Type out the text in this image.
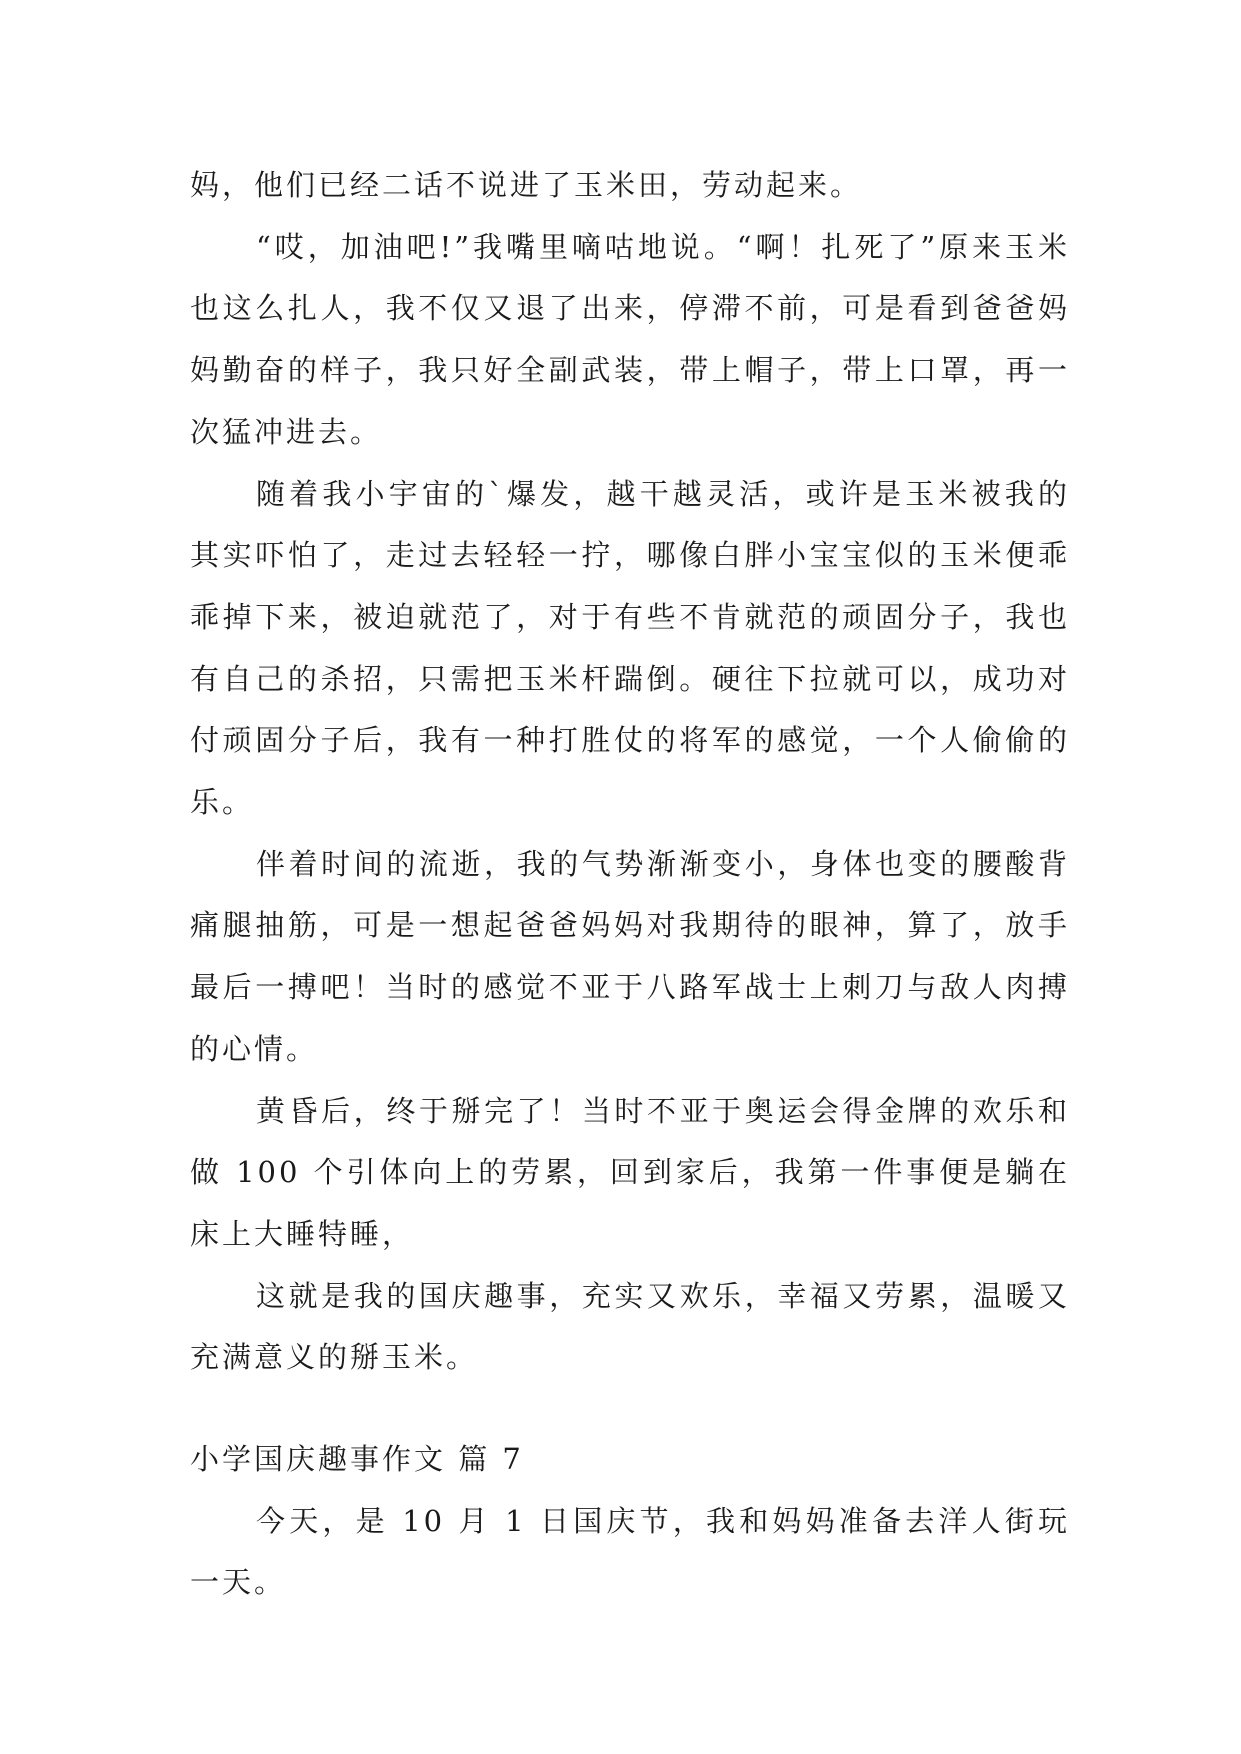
妈，他们已经二话不说进了玉米田，劳动起来。

“哎，加油吧!”我嘴里嘀咕地说。“啊！扎死了”原来玉米也这么扎人，我不仅又退了出来，停滞不前，可是看到爸爸妈妈勤奋的样子，我只好全副武装，带上帽子，带上口罩，再一次猛冲进去。

随着我小宇宙的`爆发，越干越灵活，或许是玉米被我的其实吓怕了，走过去轻轻一拧，哪像白胖小宝宝似的玉米便乖乖掉下来，被迫就范了，对于有些不肯就范的顽固分子，我也有自己的杀招，只需把玉米杆踹倒。硬往下拉就可以，成功对付顽固分子后，我有一种打胜仗的将军的感觉，一个人偷偷的乐。

伴着时间的流逝，我的气势渐渐变小，身体也变的腰酸背痛腿抽筋，可是一想起爸爸妈妈对我期待的眼神，算了，放手最后一搏吧！当时的感觉不亚于八路军战士上刺刀与敌人肉搏的心情。

黄昏后，终于掰完了！当时不亚于奥运会得金牌的欢乐和做 100 个引体向上的劳累，回到家后，我第一件事便是躺在床上大睡特睡，

这就是我的国庆趣事，充实又欢乐，幸福又劳累，温暖又充满意义的掰玉米。

小学国庆趣事作文 篇 7

今天，是 10 月 1 日国庆节，我和妈妈准备去洋人街玩一天。
